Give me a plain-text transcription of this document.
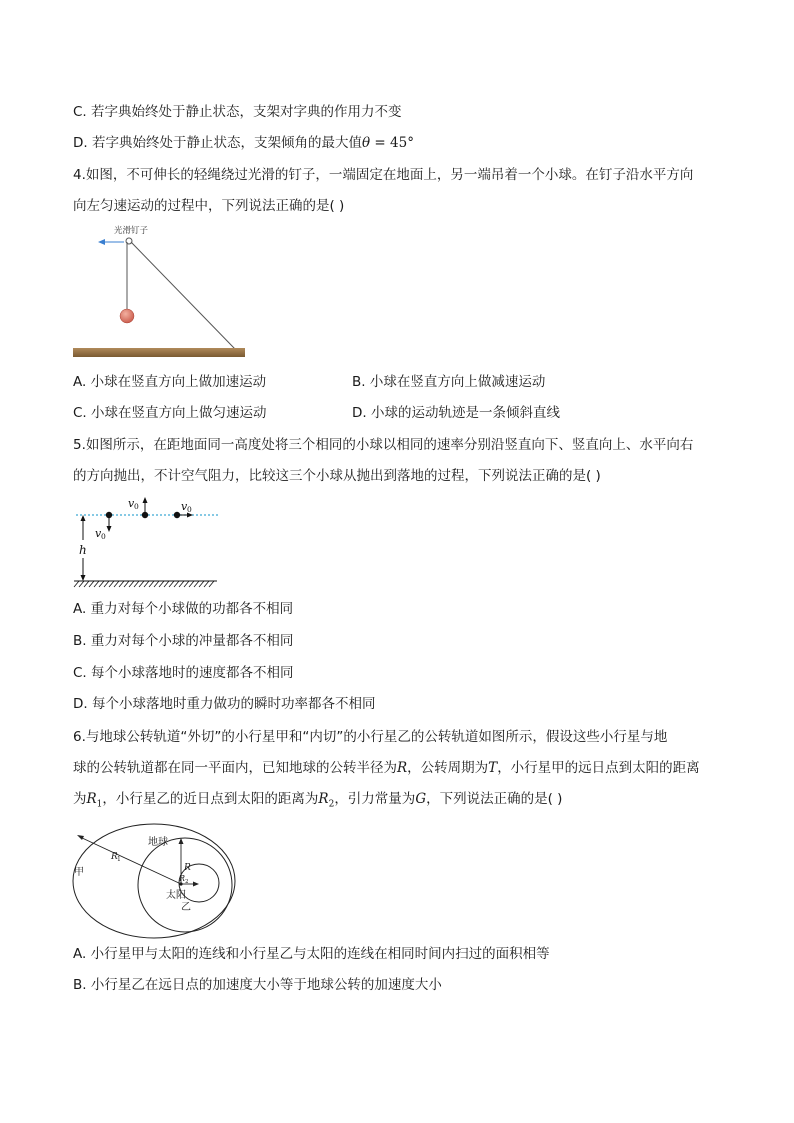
C. 若字典始终处于静止状态，支架对字典的作用力不变
D. 若字典始终处于静止状态，支架倾角的最大值θ = 45°
4.如图，不可伸长的轻绳绕过光滑的钉子，一端固定在地面上，另一端吊着一个小球。在钉子沿水平方向
向左匀速运动的过程中，下列说法正确的是( )
光滑钉子
A. 小球在竖直方向上做加速运动	B. 小球在竖直方向上做减速运动
C. 小球在竖直方向上做匀速运动	D. 小球的运动轨迹是一条倾斜直线
5.如图所示，在距地面同一高度处将三个相同的小球以相同的速率分别沿竖直向下、竖直向上、水平向右
的方向抛出，不计空气阻力，比较这三个小球从抛出到落地的过程，下列说法正确的是( )
v 0
v 0	v 0
h
A. 重力对每个小球做的功都各不相同
B. 重力对每个小球的冲量都各不相同
C. 每个小球落地时的速度都各不相同
D. 每个小球落地时重力做功的瞬时功率都各不相同
6.与地球公转轨道“外切”的小行星甲和“内切”的小行星乙的公转轨道如图所示，假设这些小行星与地
球的公转轨道都在同一平面内，已知地球的公转半径为R，公转周期为T，小行星甲的远日点到太阳的距离
为$R_1$，小行星乙的近日点到太阳的距离为$R_2$，引力常量为G，下列说法正确的是( )
R 1
R
R 2
地球
甲
太阳
乙
A. 小行星甲与太阳的连线和小行星乙与太阳的连线在相同时间内扫过的面积相等
B. 小行星乙在远日点的加速度大小等于地球公转的加速度大小
